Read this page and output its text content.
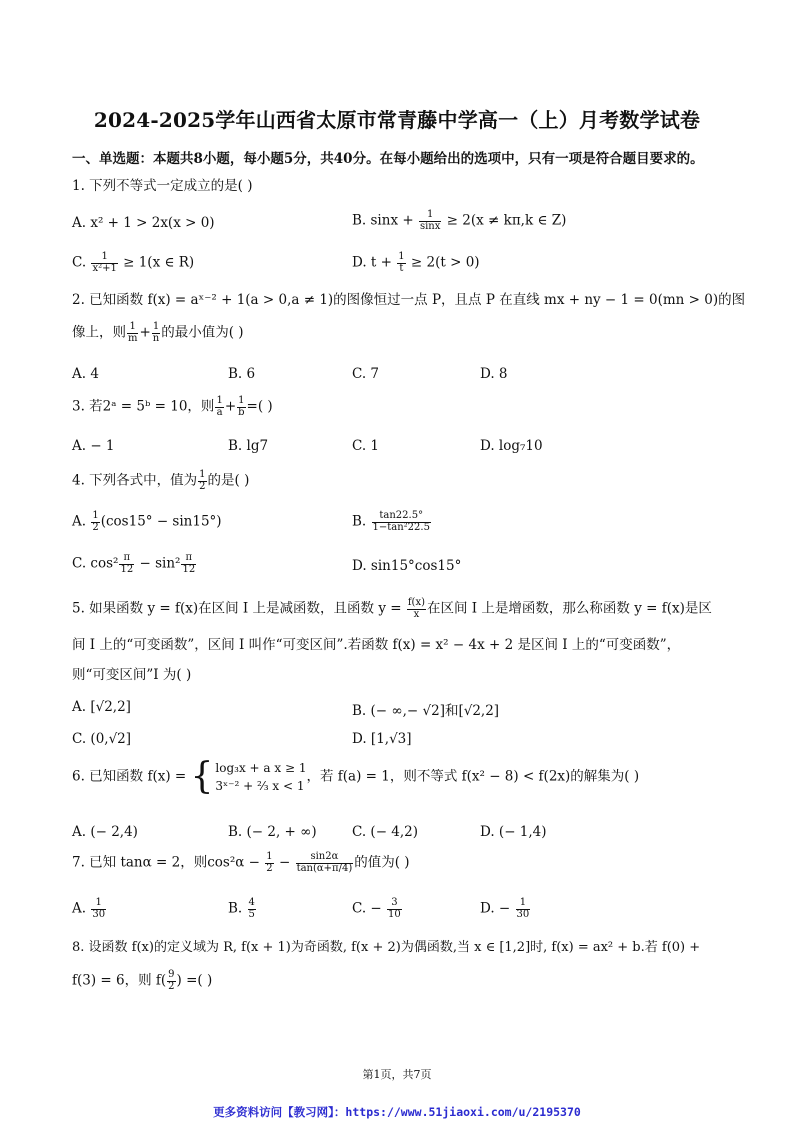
2024-2025学年山西省太原市常青藤中学高一（上）月考数学试卷
一、单选题：本题共8小题，每小题5分，共40分。在每小题给出的选项中，只有一项是符合题目要求的。
1. 下列不等式一定成立的是( )
A. x² + 1 > 2x(x > 0)	B. $\sin x + \frac{1}{\sin x} \ge 2(x \ne k\pi,k$ ∈ Z)
C. $\frac{1}{\text{x²+1}} \ge 1(x$ ∈ R)	D. $t + \frac{1}{t} \ge 2(t > 0)$
2. 已知函数 f(x) = aˣ⁻² + 1(a > 0,a ≠ 1)的图像恒过一点 P，且点 P 在直线 mx + ny − 1 = 0(mn > 0)的图
像上，则 $\frac{1}{m} + \frac{1}{n}$ 的最小值为( )
A. 4	B. 6	C. 7	D. 8
3. 若2ᵃ = 5ᵇ = 10，则 $\frac{1}{a} + \frac{1}{b}$ =( )
A. − 1	B. lg7	C. 1	D. log₇10
4. 下列各式中，值为 $\frac{1}{2}$ 的是( )
A. $\frac{1}{2} (\cos 15^\circ - \sin 15^\circ)$	B. $\frac{\tan 22.5^\circ}{\text{1−tan²22.5}}$
C. $\cos^2 \frac{\pi}{12} - \sin^2 \frac{\pi}{12}$	D. sin15°cos15°
5. 如果函数 y = f(x)在区间 I 上是减函数，且函数 $y = \frac{f(x)}{x}$ 在区间 I 上是增函数，那么称函数 y = f(x)是区
间 I 上的“可变函数”，区间 I 叫作“可变区间”.若函数 f(x) = x² − 4x + 2 是区间 I 上的“可变函数”，
则“可变区间”I 为( )
A. [√2,2]	B. (− ∞,− √2]和[√2,2]
C. (0,√2]	D. [1,√3]
6. 已知函数 f(x) = { log₃x + a x ≥ 1
3ˣ⁻² + ⅔ x < 1
，若 f(a) = 1，则不等式 f(x² − 8) < f(2x)的解集为( )
A. (− 2,4)	B. (− 2, + ∞)	C. (− 4,2)	D. (− 1,4)
7. 已知 tanα = 2，则$\cos^2\alpha - \frac{1}{2} - \frac{\sin 2\alpha}{\tan(\alpha+\pi/4)}$ 的值为( )
A. $\frac{1}{30}$	B. $\frac{4}{5}$	C. − $\frac{3}{10}$	D. − $\frac{1}{30}$
8. 设函数 f(x)的定义域为 R, f(x + 1)为奇函数, f(x + 2)为偶函数,当 x ∈ [1,2]时, f(x) = ax² + b.若 f(0) +
f(3) = 6，则 $f( \frac{9}{2}$ ) =( )
第1页，共7页
更多资料访问【教习网】：https://www.51jiaoxi.com/u/2195370
